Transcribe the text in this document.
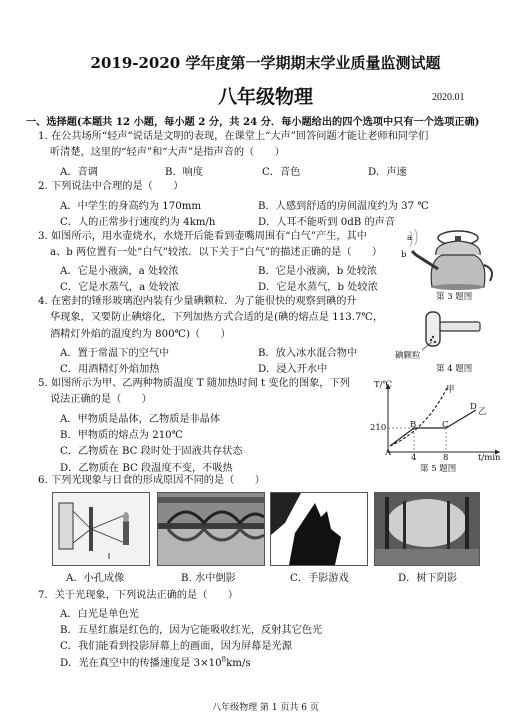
2019-2020 学年度第一学期期末学业质量监测试题
八年级物理	2020.01
一、选择题(本题共 12 小题，每小题 2 分，共 24 分．每小题给出的四个选项中只有一个选项正确)
1. 在公共场所“轻声”说话是文明的表现，在课堂上“大声”回答问题才能让老师和同学们
听清楚，这里的“轻声”和“大声”是指声音的（　　）
A．音调	B．响度	C．音色	D．声速
2. 下列说法中合理的是（　　）
A．中学生的身高约为 170mm	B．人感到舒适的房间温度约为 37 ℃
C．人的正常步行速度约为 4km/h	D．人耳不能听到 0dB 的声音
3. 如图所示，用水壶烧水，水烧开后能看到壶嘴周围有“白气”产生，其中
a、b 两位置有一处“白气”较浓．以下关于“白气”的描述正确的是（　　）
A．它是小液滴，a 处较浓	B．它是小液滴，b 处较浓
C．它是水蒸气，a 处较浓	D．它是水蒸气，b 处较浓
a
b
第 3 题图
4. 在密封的锤形玻璃泡内装有少量碘颗粒．为了能很快的观察到碘的升
华现象，又要防止碘熔化，下列加热方式合适的是(碘的熔点是 113.7℃，
酒精灯外焰的温度约为 800℃)（　　）
A．置于常温下的空气中	B．放入冰水混合物中
C．用酒精灯外焰加热	D．浸入开水中
碘颗粒
第 4 题图
5. 如图所示为甲、乙两种物质温度 T 随加热时间 t 变化的图象，下列
说法正确的是（　　）
A．甲物质是晶体，乙物质是非晶体
B．甲物质的熔点为 210℃
C．乙物质在 BC 段时处于固液共存状态
D．乙物质在 BC 段温度不变，不吸热
T/℃
t/min
210
甲
乙
A
B	C
D
4	8
第 5 题图
6. 下列光现象与日食的形成原因不同的是（　　）
A．小孔成像	B. 水中倒影	C．手影游戏	D．树下阴影
7．关于光现象，下列说法正确的是（　　）
A．白光是单色光
B．五星红旗是红色的，因为它能吸收红光，反射其它色光
C．我们能看到投影屏幕上的画面，因为屏幕是光源
D．光在真空中的传播速度是 $3\times 10^8km/s$
八年级物理 第 1 页共 6 页
